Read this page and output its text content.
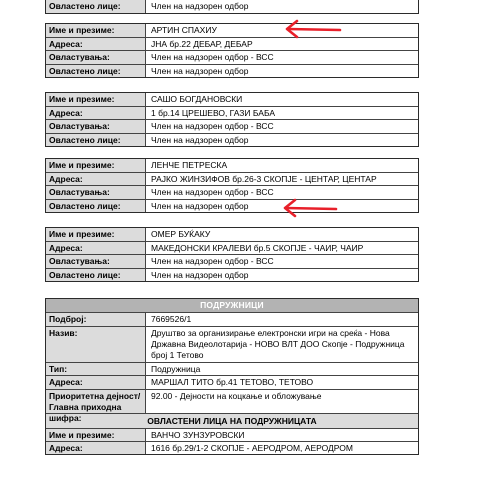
Овластено лице:	Член на надзорен одбор
Име и презиме:	АРТИН СПАХИУ
Адреса:	ЈНА бр.22 ДЕБАР, ДЕБАР
Овластувања:	Член на надзорен одбор - ВСС
Овластено лице:	Член на надзорен одбор
Име и презиме:	САШО БОГДАНОВСКИ
Адреса:	1 бр.14 ЦРЕШЕВО, ГАЗИ БАБА
Овластувања:	Член на надзорен одбор - ВСС
Овластено лице:	Член на надзорен одбор
Име и презиме:	ЛЕНЧЕ ПЕТРЕСКА
Адреса:	РАЈКО ЖИНЗИФОВ бр.26-3 СКОПЈЕ - ЦЕНТАР, ЦЕНТАР
Овластувања:	Член на надзорен одбор - ВСС
Овластено лице:	Член на надзорен одбор
Име и презиме:	ОМЕР БУЌАКУ
Адреса:	МАКЕДОНСКИ КРАЛЕВИ бр.5 СКОПЈЕ - ЧАИР, ЧАИР
Овластувања:	Член на надзорен одбор - ВСС
Овластено лице:	Член на надзорен одбор
ПОДРУЖНИЦИ
Подброј:	7669526/1
Назив:	Друштво за организирање електронски игри на среќа - Нова Државна Видеолотарија - НОВО ВЛТ ДОО Скопје - Подружница број 1 Тетово
Тип:	Подружница
Адреса:	МАРШАЛ ТИТО бр.41 ТЕТОВО, ТЕТОВО
Приоритетна дејност/ Главна приходна шифра:
92.00 - Дејности на коцкање и обложување
ОВЛАСТЕНИ ЛИЦА НА ПОДРУЖНИЦАТА
Име и презиме:	ВАНЧО ЗУНЗУРОВСКИ
Адреса:	1616 бр.29/1-2 СКОПЈЕ - АЕРОДРОМ, АЕРОДРОМ
